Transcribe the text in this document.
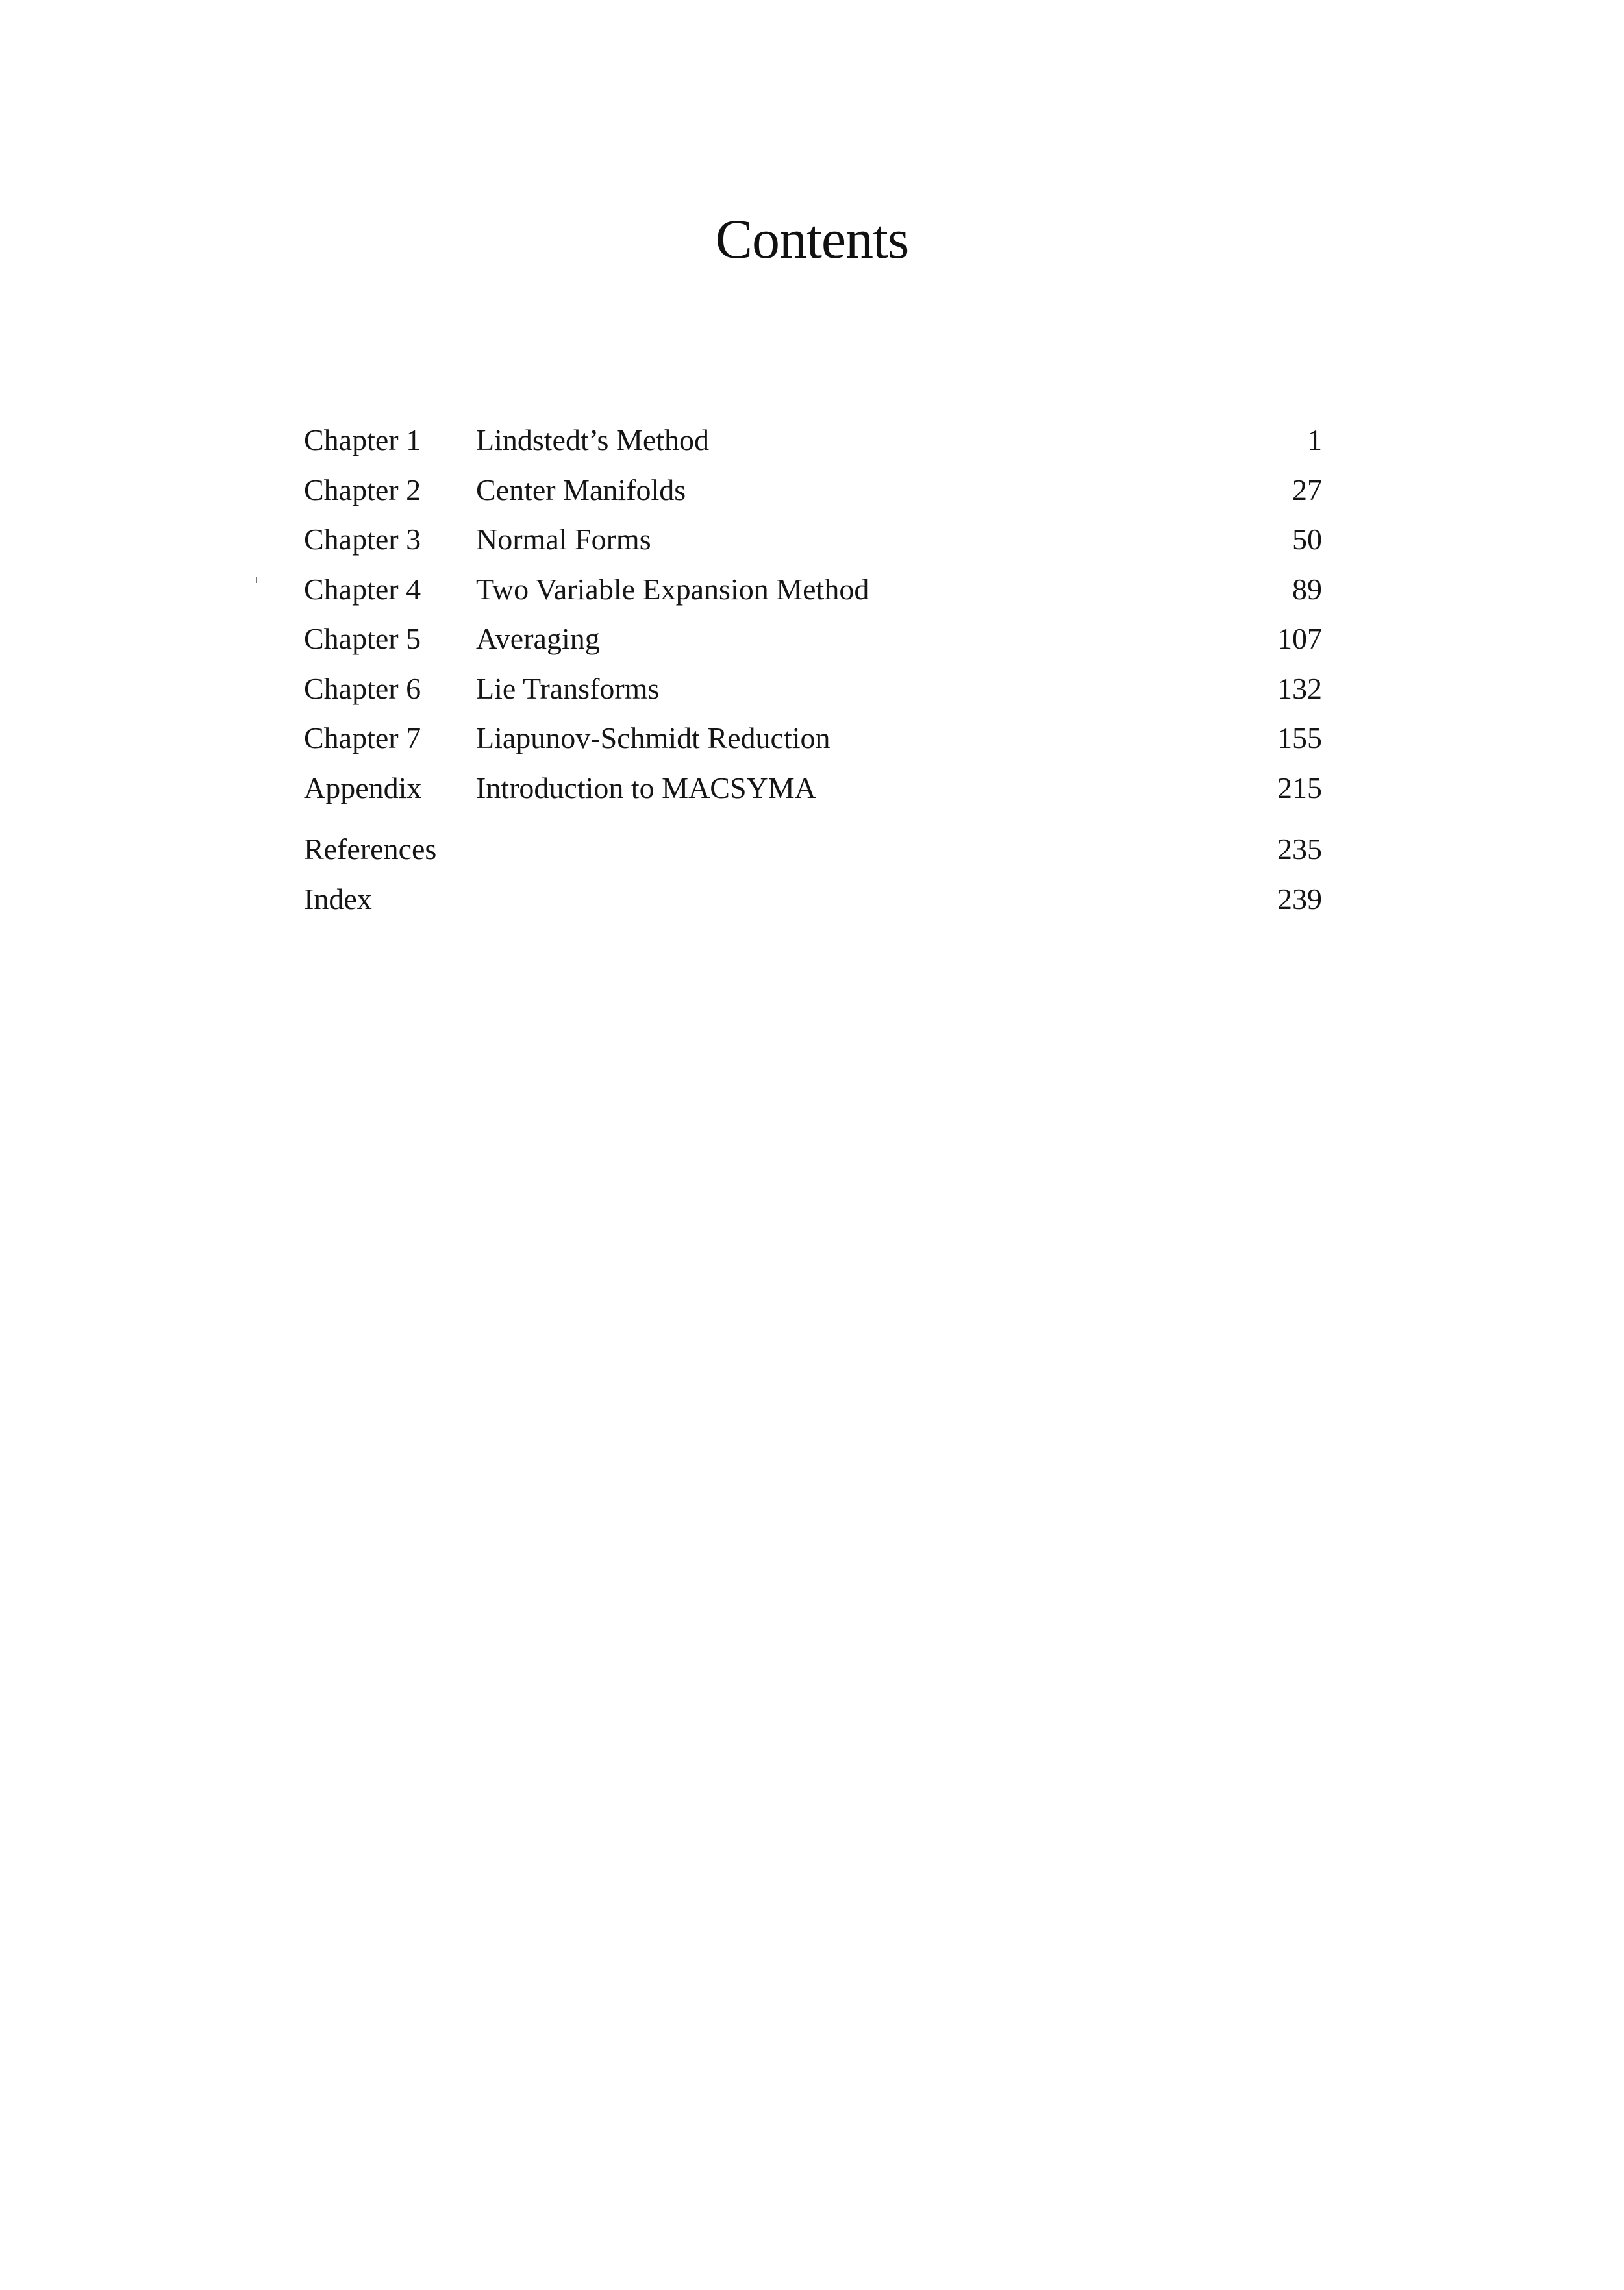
Contents
Chapter 1 Lindstedt’s Method	1
Chapter 2 Center Manifolds	27
Chapter 3 Normal Forms	50
Chapter 4 Two Variable Expansion Method	89
Chapter 5 Averaging	107
Chapter 6 Lie Transforms	132
Chapter 7 Liapunov-Schmidt Reduction	155
Appendix Introduction to MACSYMA	215
References	235
Index	239
